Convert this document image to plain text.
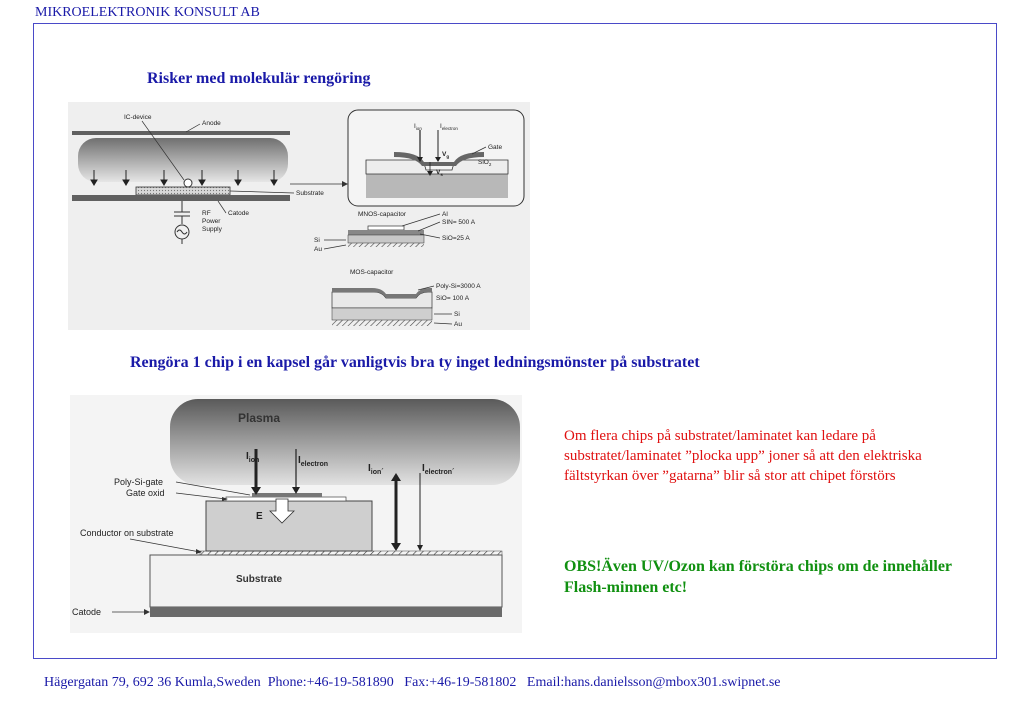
MIKROELEKTRONIK KONSULT AB
Risker med molekulär rengöring
IC-device
Anode
Substrate
Catode
RF
Power
Supply
$I_{ion}$	$I_{electron}$
Gate
SiO$_2$
$V_g$
$V_s$
MNOS-capacitor	Al
SIN= 500 A
SiO=25 A
Si
Au
MOS-capacitor
Poly-Si=3000 A
SiO= 100 A
Si
Au
Rengöra 1 chip i en kapsel går vanligtvis bra ty inget ledningsmönster på substratet
Plasma
$I_{ion}$	$I_{electron}$	$I_{ion´}$	$I_{electron´}$
E
Poly-Si-gate
Gate oxid
Conductor on substrate
Substrate
Catode
Om flera chips på substratet/laminatet kan ledare på substratet/laminatet ”plocka upp” joner så att den elektriska fältstyrkan över ”gatarna” blir så stor att chipet förstörs
OBS!Även UV/Ozon kan förstöra chips om de innehåller Flash-minnen etc!
Hägergatan 79, 692 36 Kumla,Sweden  Phone:+46-19-581890   Fax:+46-19-581802   Email:hans.danielsson@mbox301.swipnet.se
